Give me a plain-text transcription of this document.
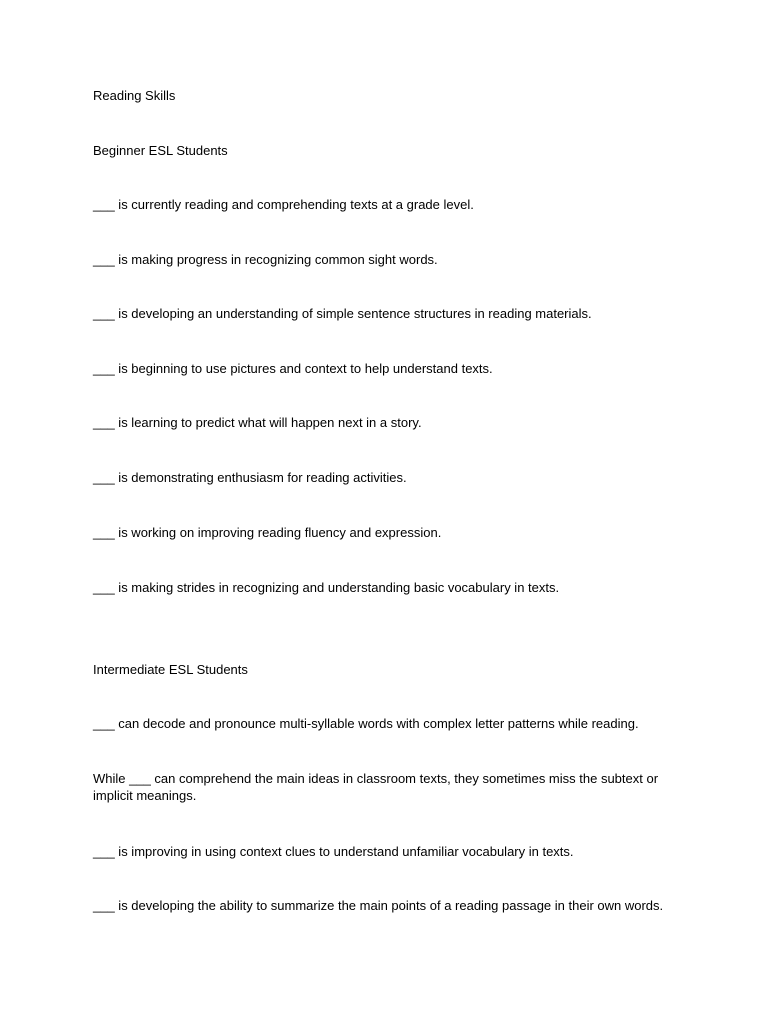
Reading Skills

Beginner ESL Students

___ is currently reading and comprehending texts at a grade level.

___ is making progress in recognizing common sight words.

___ is developing an understanding of simple sentence structures in reading materials.

___ is beginning to use pictures and context to help understand texts.

___ is learning to predict what will happen next in a story.

___ is demonstrating enthusiasm for reading activities.

___ is working on improving reading fluency and expression.

___ is making strides in recognizing and understanding basic vocabulary in texts.

Intermediate ESL Students

___ can decode and pronounce multi-syllable words with complex letter patterns while reading.

While ___ can comprehend the main ideas in classroom texts, they sometimes miss the subtext or implicit meanings.

___ is improving in using context clues to understand unfamiliar vocabulary in texts.

___ is developing the ability to summarize the main points of a reading passage in their own words.
